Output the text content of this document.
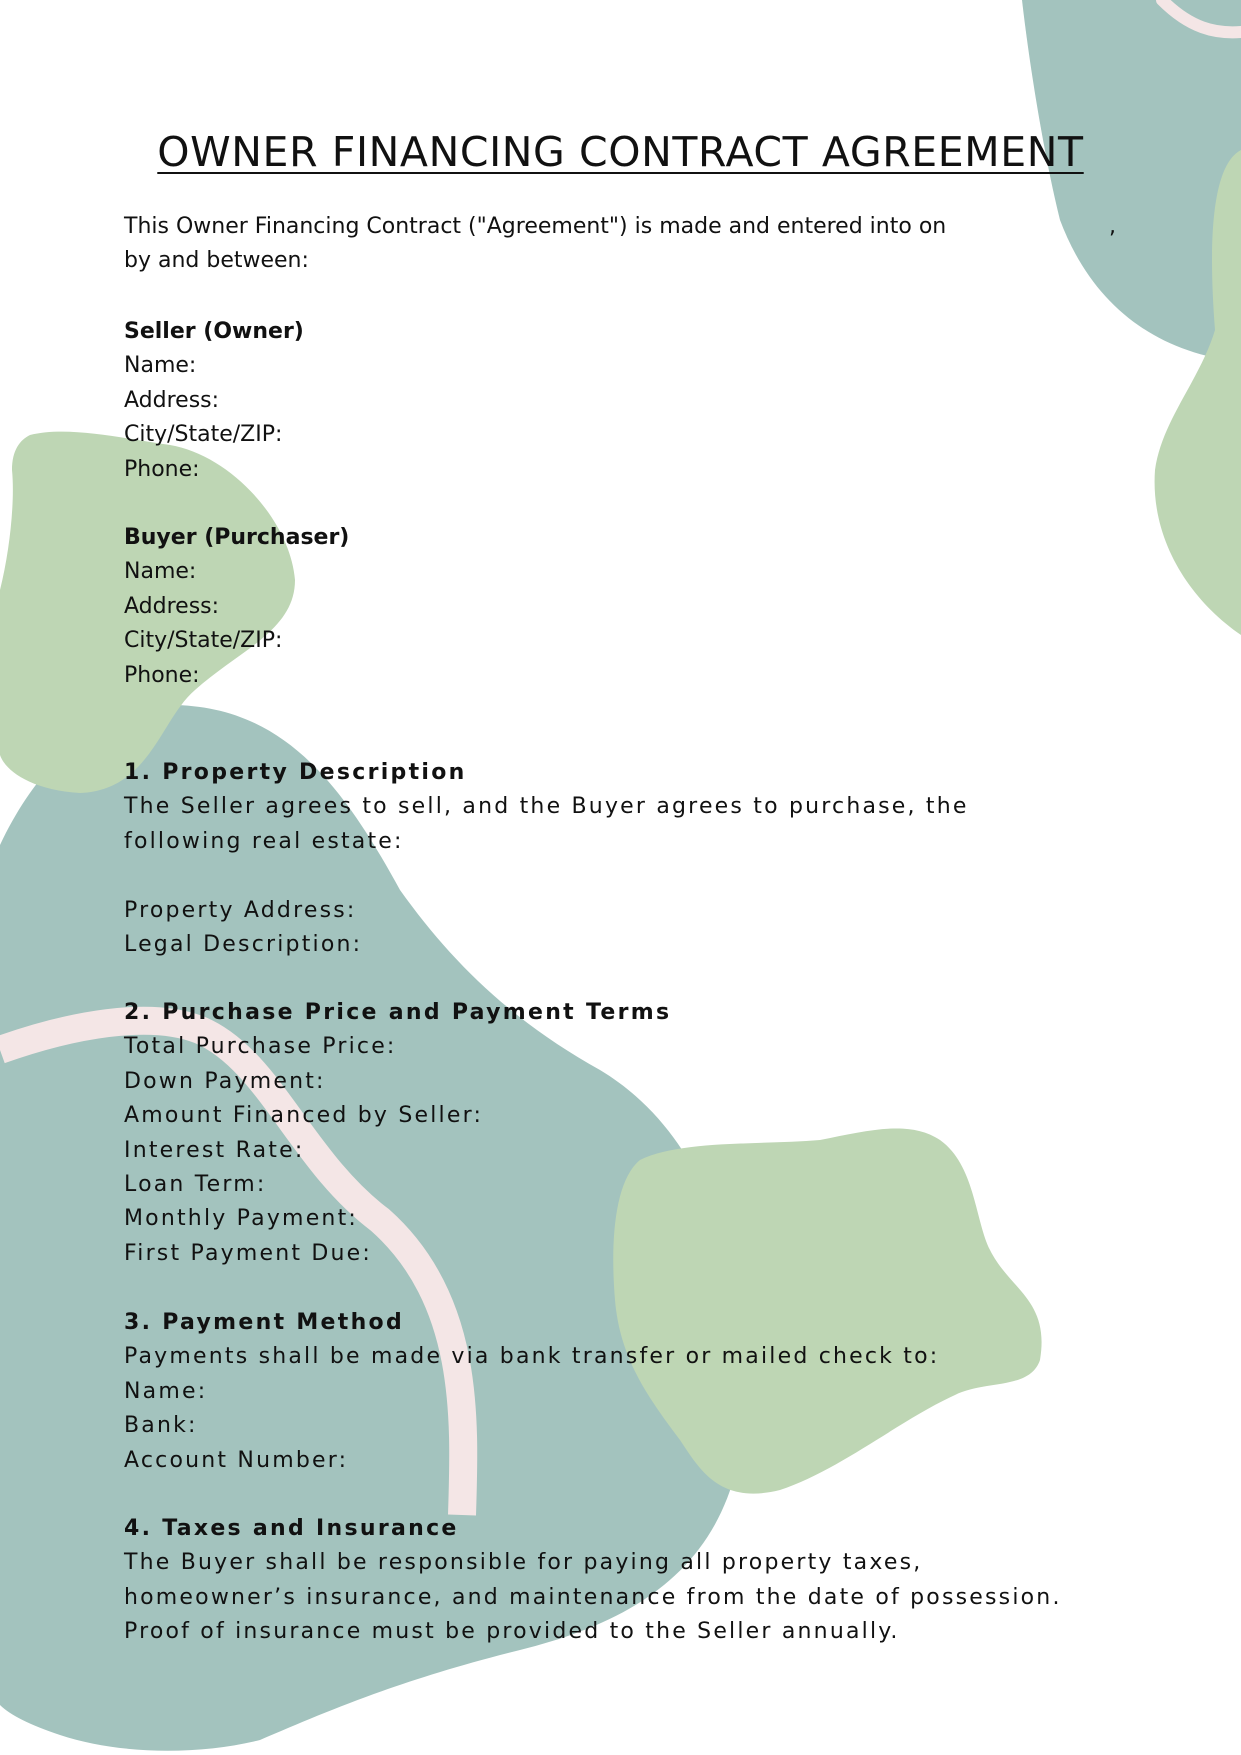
OWNER FINANCING CONTRACT AGREEMENT
This Owner Financing Contract ("Agreement") is made and entered into on	,
by and between:
Seller (Owner)
Name:
Address:
City/State/ZIP:
Phone:
Buyer (Purchaser)
Name:
Address:
City/State/ZIP:
Phone:
1. Property Description
The Seller agrees to sell, and the Buyer agrees to purchase, the
following real estate:

Property Address:
Legal Description:
2. Purchase Price and Payment Terms
Total Purchase Price:
Down Payment:
Amount Financed by Seller:
Interest Rate:
Loan Term:
Monthly Payment:
First Payment Due:
3. Payment Method
Payments shall be made via bank transfer or mailed check to:
Name:
Bank:
Account Number:
4. Taxes and Insurance
The Buyer shall be responsible for paying all property taxes,
homeowner’s insurance, and maintenance from the date of possession.
Proof of insurance must be provided to the Seller annually.
